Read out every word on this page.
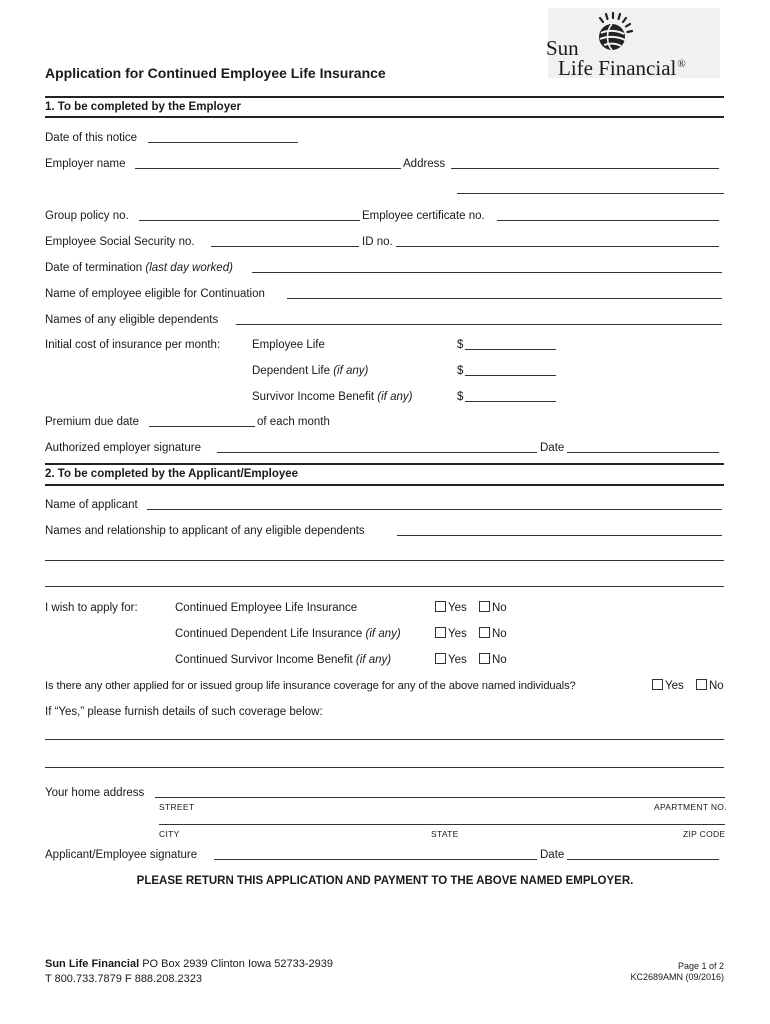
Sun
Life Financial®
Application for Continued Employee Life Insurance
1. To be completed by the Employer
Date of this notice
Employer name	Address
Group policy no.	Employee certificate no.
Employee Social Security no.	ID no.
Date of termination (last day worked)
Name of employee eligible for Continuation
Names of any eligible dependents
Initial cost of insurance per month:	Employee Life	$
Dependent Life (if any)	$
Survivor Income Benefit (if any)	$
Premium due date	of each month
Authorized employer signature	Date
2. To be completed by the Applicant/Employee
Name of applicant
Names and relationship to applicant of any eligible dependents
I wish to apply for:	Continued Employee Life Insurance	Yes	No
Continued Dependent Life Insurance (if any)	Yes	No
Continued Survivor Income Benefit (if any)	Yes	No
Is there any other applied for or issued group life insurance coverage for any of the above named individuals?	Yes	No
If “Yes,” please furnish details of such coverage below:
Your home address
STREET	APARTMENT NO.
CITY	STATE	ZIP CODE
Applicant/Employee signature	Date
PLEASE RETURN THIS APPLICATION AND PAYMENT TO THE ABOVE NAMED EMPLOYER.
Sun Life Financial PO Box 2939 Clinton Iowa 52733-2939
T 800.733.7879 F 888.208.2323
Page 1 of 2
KC2689AMN (09/2016)
